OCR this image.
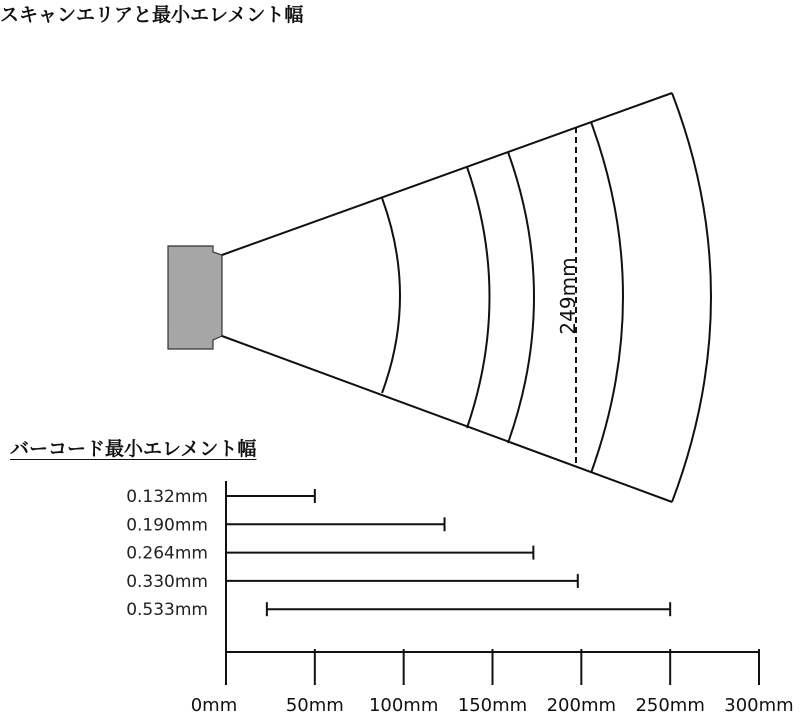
スキャンエリアと最小エレメント幅
バーコード最小エレメント幅
249mm
0.132mm
0.190mm
0.264mm
0.330mm
0.533mm
0mm	50mm 100mm 150mm 200mm 250mm 300mm
